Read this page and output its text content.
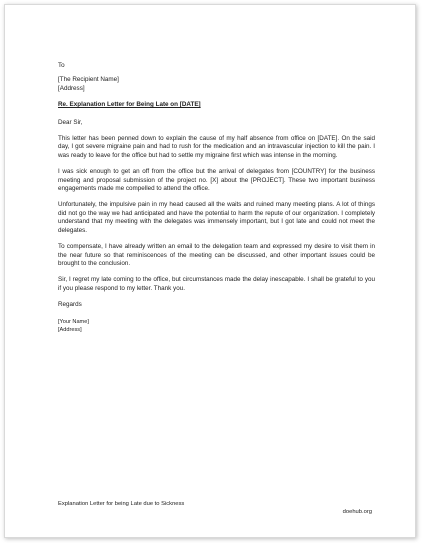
To
[The Recipient Name]
[Address]
Re. Explanation Letter for Being Late on [DATE]
Dear Sir,

This letter has been penned down to explain the cause of my half absence from office on [DATE]. On the said day, I got severe migraine pain and had to rush for the medication and an intravascular injection to kill the pain. I was ready to leave for the office but had to settle my migraine first which was intense in the morning.

I was sick enough to get an off from the office but the arrival of delegates from [COUNTRY] for the business meeting and proposal submission of the project no. [X] about the [PROJECT]. These two important business engagements made me compelled to attend the office.

Unfortunately, the impulsive pain in my head caused all the waits and ruined many meeting plans. A lot of things did not go the way we had anticipated and have the potential to harm the repute of our organization. I completely understand that my meeting with the delegates was immensely important, but I got late and could not meet the delegates.

To compensate, I have already written an email to the delegation team and expressed my desire to visit them in the near future so that reminiscences of the meeting can be discussed, and other important issues could be brought to the conclusion.

Sir, I regret my late coming to the office, but circumstances made the delay inescapable. I shall be grateful to you if you please respond to my letter. Thank you.

Regards
[Your Name]
[Address]
Explanation Letter for being Late due to Sickness
doehub.org
